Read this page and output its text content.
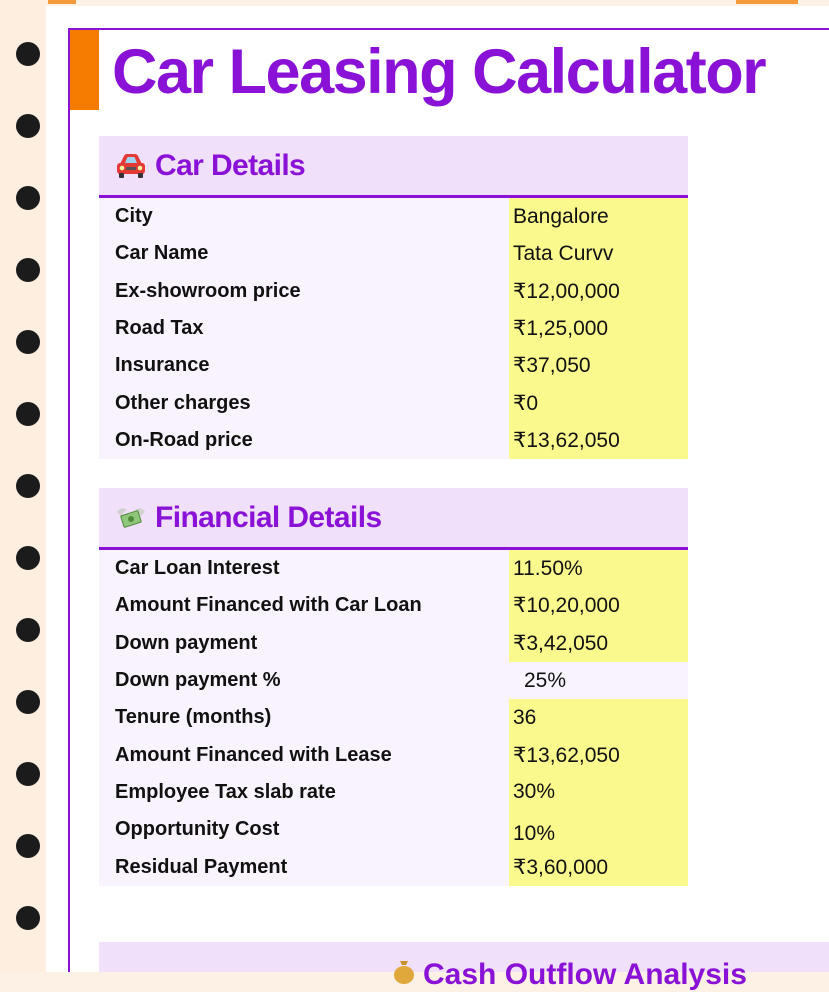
Car Leasing Calculator
Car Details
City	Bangalore
Car Name	Tata Curvv
Ex-showroom price	₹12,00,000
Road Tax	₹1,25,000
Insurance	₹37,050
Other charges	₹0
On-Road price	₹13,62,050
Financial Details
Car Loan Interest	11.50%
Amount Financed with Car Loan	₹10,20,000
Down payment	₹3,42,050
Down payment %	25%
Tenure (months)	36
Amount Financed with Lease	₹13,62,050
Employee Tax slab rate	30%
Opportunity Cost	10%
Residual Payment	₹3,60,000
Cash Outflow Analysis
